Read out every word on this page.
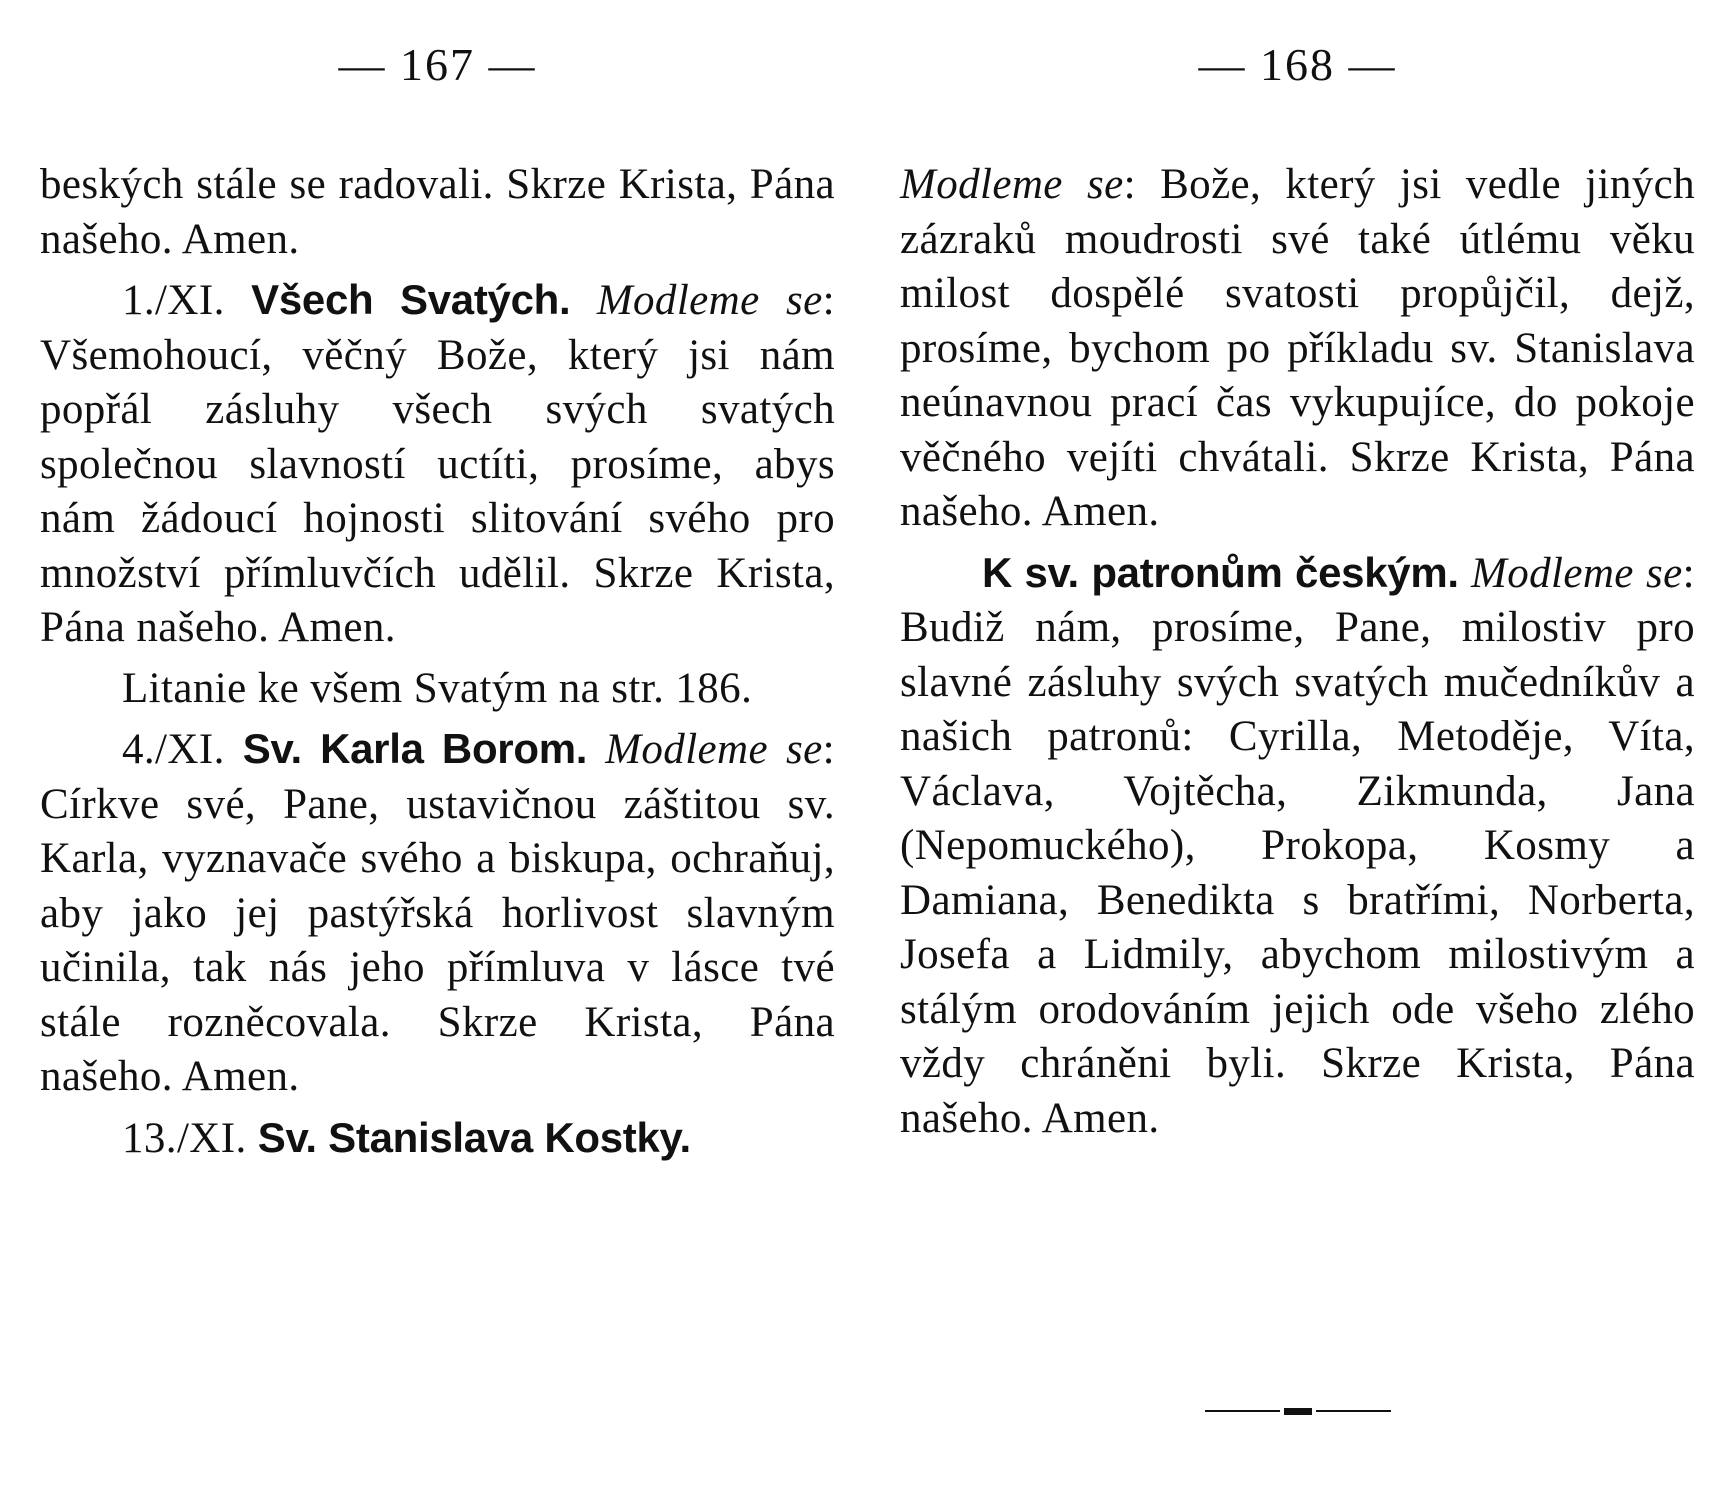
— 167 —

beských stále se radovali. Skrze Krista, Pána našeho. Amen.

1./XI. Všech Svatých. Modleme se: Všemohoucí, věčný Bože, který jsi nám popřál zásluhy všech svých svatých společnou slavností uctíti, prosíme, abys nám žádoucí hojnosti slitování svého pro množství přímluvčích udělil. Skrze Krista, Pána našeho. Amen.

Litanie ke všem Svatým na str. 186.

4./XI. Sv. Karla Borom. Modleme se: Církve své, Pane, ustavičnou záštitou sv. Karla, vyznavače svého a biskupa, ochraňuj, aby jako jej pastýřská horlivost slavným učinila, tak nás jeho přímluva v lásce tvé stále rozněcovala. Skrze Krista, Pána našeho. Amen.

13./XI. Sv. Stanislava Kostky.

— 168 —

Modleme se: Bože, který jsi vedle jiných zázraků moudrosti své také útlému věku milost dospělé svatosti propůjčil, dejž, prosíme, bychom po příkladu sv. Stanislava neúnavnou prací čas vykupujíce, do pokoje věčného vejíti chvátali. Skrze Krista, Pána našeho. Amen.

K sv. patronům českým. Modleme se: Budiž nám, prosíme, Pane, milostiv pro slavné zásluhy svých svatých mučedníkův a našich patronů: Cyrilla, Metoděje, Víta, Václava, Vojtěcha, Zikmunda, Jana (Nepomuckého), Prokopa, Kosmy a Damiana, Benedikta s bratřími, Norberta, Josefa a Lidmily, abychom milostivým a stálým orodováním jejich ode všeho zlého vždy chráněni byli. Skrze Krista, Pána našeho. Amen.
